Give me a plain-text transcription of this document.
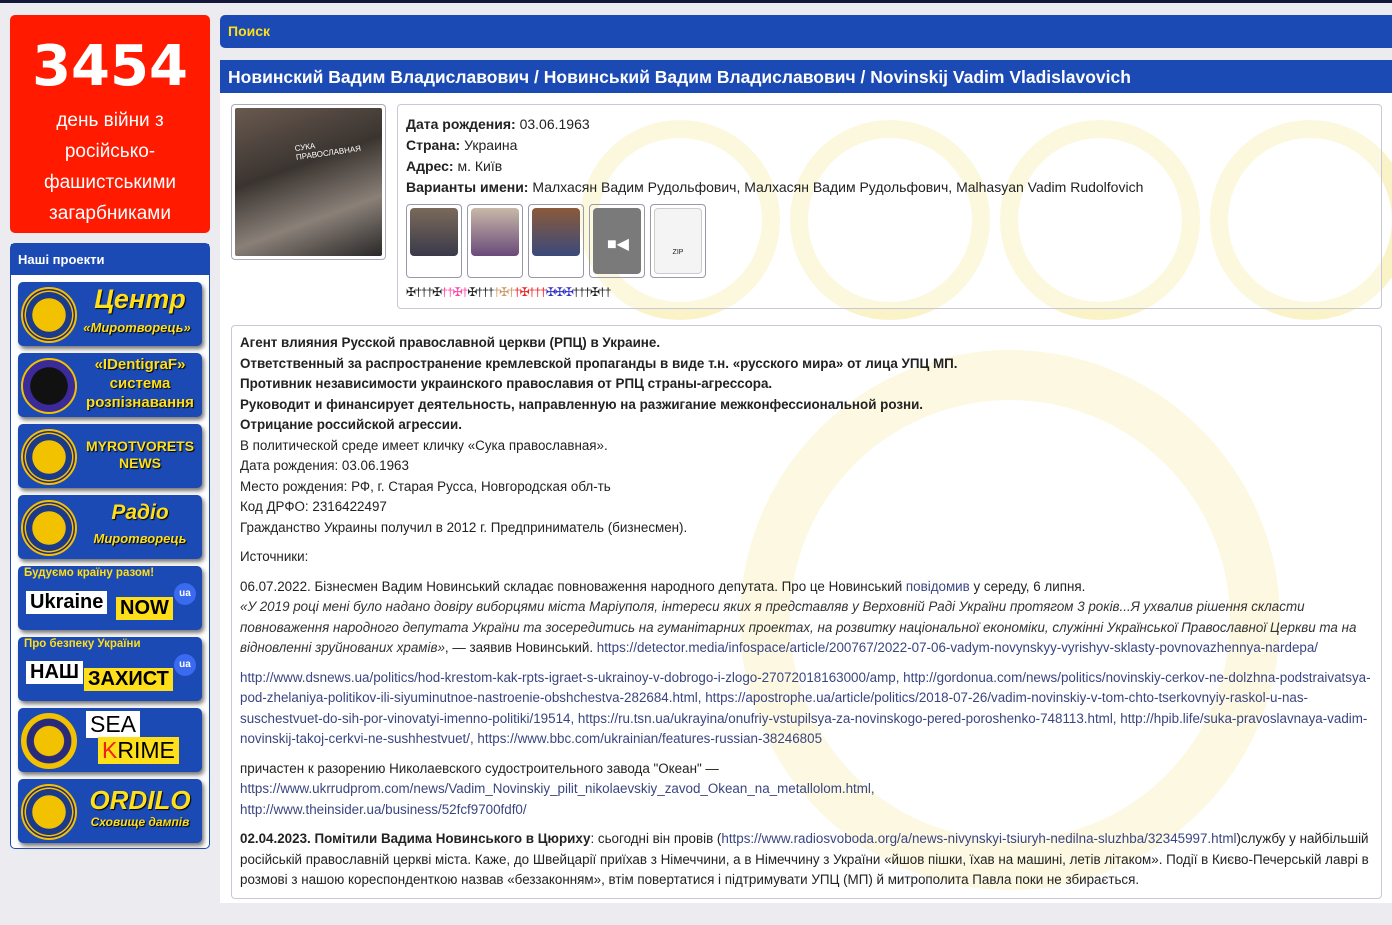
3454
день війни з російсько-фашистськими загарбниками
Наші проекти
Центр
«Миротворець»
«IDentigraF»
система
розпізнавання
MYROTVORETS
NEWS
Радіо
Миротворець
Будуємо країну разом!
Ukraine NOW
ua
Про безпеку України
НАШ ЗАХИСТ
ua
SEA
KRIME
ORDILO
Сховище дампів
Поиск
Новинский Вадим Владиславович / Новинський Вадим Владиславович / Novinskij Vadim Vladislavovich
СУКА ПРАВОСЛАВНАЯ

Дата рождения: 03.06.1963

Страна: Украина

Адрес: м. Київ

Варианты имени: Малхасян Вадим Рудольфович, Малхасян Вадим Рудольфович, Malhasyan Vadim Rudolfovich

■◀	ZIP
✠†††✠††✠†✠††††✠††✠†††✠✠✠†††✠††

Агент влияния Русской православной церкви (РПЦ) в Украине.

Ответственный за распространение кремлевской пропаганды в виде т.н. «русского мира» от лица УПЦ МП.

Противник независимости украинского православия от РПЦ страны-агрессора.

Руководит и финансирует деятельность, направленную на разжигание межконфессиональной розни.

Отрицание российской агрессии.

В политической среде имеет кличку «Сука православная».

Дата рождения: 03.06.1963

Место рождения: РФ, г. Старая Русса, Новгородская обл-ть

Код ДРФО: 2316422497

Гражданство Украины получил в 2012 г. Предприниматель (бизнесмен).

Источники:

06.07.2022. Бізнесмен Вадим Новинський складає повноваження народного депутата. Про це Новинський повідомив у середу, 6 липня.
«У 2019 році мені було надано довіру виборцями міста Маріуполя, інтереси яких я представляв у Верховній Раді України протягом 3 років...Я ухвалив рішення скласти повноваження народного депутата України та зосередитись на гуманітарних проектах, на розвитку національної економіки, служінні Української Православної Церкви та на відновленні зруйнованих храмів», — заявив Новинський. https://detector.media/infospace/article/200767/2022-07-06-vadym-novynskyy-vyrishyv-sklasty-povnovazhennya-nardepa/

http://www.dsnews.ua/politics/hod-krestom-kak-rpts-igraet-s-ukrainoy-v-dobrogo-i-zlogo-27072018163000/amp, http://gordonua.com/news/politics/novinskiy-cerkov-ne-dolzhna-podstraivatsya-pod-zhelaniya-politikov-ili-siyuminutnoe-nastroenie-obshchestva-282684.html, https://apostrophe.ua/article/politics/2018-07-26/vadim-novinskiy-v-tom-chto-tserkovnyiy-raskol-u-nas-suschestvuet-do-sih-por-vinovatyi-imenno-politiki/19514, https://ru.tsn.ua/ukrayina/onufriy-vstupilsya-za-novinskogo-pered-poroshenko-748113.html, http://hpib.life/suka-pravoslavnaya-vadim-novinskij-takoj-cerkvi-ne-sushhestvuet/, https://www.bbc.com/ukrainian/features-russian-38246805

причастен к разорению Николаевского судостроительного завода "Океан" —
https://www.ukrrudprom.com/news/Vadim_Novinskiy_pilit_nikolaevskiy_zavod_Okean_na_metallolom.html,
http://www.theinsider.ua/business/52fcf9700fdf0/

02.04.2023. Помітили Вадима Новинського в Цюриху: сьогодні він провів (https://www.radiosvoboda.org/a/news-nivynskyi-tsiuryh-nedilna-sluzhba/32345997.html)службу у найбільшій російській православній церкві міста. Каже, до Швейцарії приїхав з Німеччини, а в Німеччину з України «йшов пішки, їхав на машині, летів літаком». Події в Києво-Печерській лаврі в розмові з нашою кореспонденткою назвав «беззаконням», втім повертатися і підтримувати УПЦ (МП) й митрополита Павла поки не збирається.
